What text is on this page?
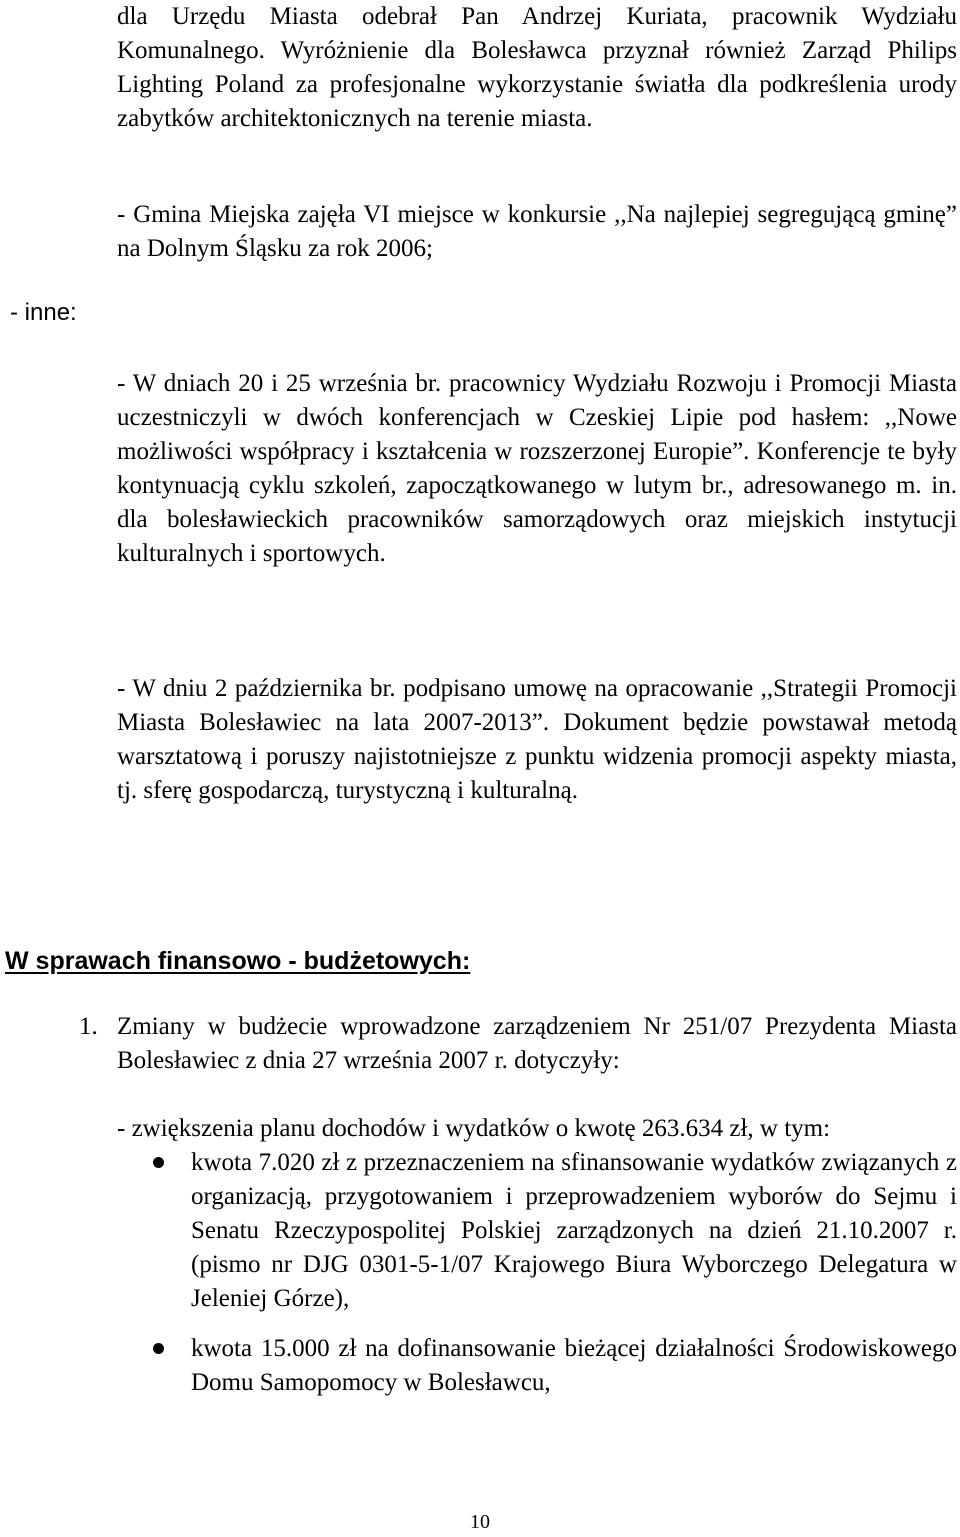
dla Urzędu Miasta odebrał Pan Andrzej Kuriata, pracownik Wydziału Komunalnego. Wyróżnienie dla Bolesławca przyznał również Zarząd Philips Lighting Poland za profesjonalne wykorzystanie światła dla podkreślenia urody zabytków architektonicznych na terenie miasta.

- Gmina Miejska zajęła VI miejsce w konkursie ,,Na najlepiej segregującą gminę” na Dolnym Śląsku za rok 2006;

- inne:

- W dniach 20 i 25 września br. pracownicy Wydziału Rozwoju i Promocji Miasta uczestniczyli w dwóch konferencjach w Czeskiej Lipie pod hasłem: ,,Nowe możliwości współpracy i kształcenia w rozszerzonej Europie”. Konferencje te były kontynuacją cyklu szkoleń, zapoczątkowanego w lutym br., adresowanego m. in. dla bolesławieckich pracowników samorządowych oraz miejskich instytucji kulturalnych i sportowych.

- W dniu 2 października br. podpisano umowę na opracowanie ,,Strategii Promocji Miasta Bolesławiec na lata 2007-2013”. Dokument będzie powstawał metodą warsztatową i poruszy najistotniejsze z punktu widzenia promocji aspekty miasta, tj. sferę gospodarczą, turystyczną i kulturalną.

W sprawach finansowo - budżetowych:
1. Zmiany w budżecie wprowadzone zarządzeniem Nr 251/07 Prezydenta Miasta Bolesławiec z dnia 27 września 2007 r. dotyczyły:

- zwiększenia planu dochodów i wydatków o kwotę 263.634 zł, w tym:

kwota 7.020 zł z przeznaczeniem na sfinansowanie wydatków związanych z organizacją, przygotowaniem i przeprowadzeniem wyborów do Sejmu i Senatu Rzeczypospolitej Polskiej zarządzonych na dzień 21.10.2007 r. (pismo nr DJG 0301-5-1/07 Krajowego Biura Wyborczego Delegatura w Jeleniej Górze),
kwota 15.000 zł na dofinansowanie bieżącej działalności Środowiskowego Domu Samopomocy w Bolesławcu,

10
